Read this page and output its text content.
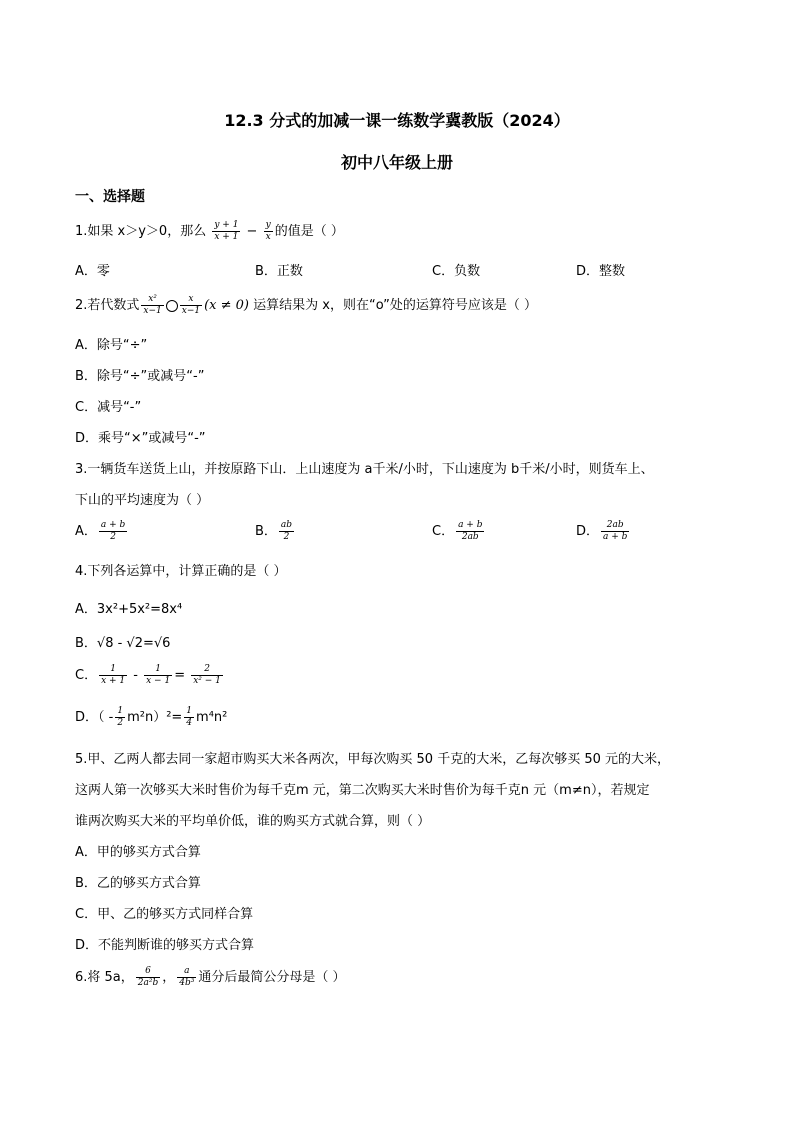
12.3 分式的加减一课一练数学冀教版（2024）
初中八年级上册
一、选择题
1.如果 x＞y＞0，那么 $\frac{y + 1}{x + 1} - \frac{y}{x}$ 的值是（ ）
A．零	B．正数	C．负数	D．整数
2.若代数式 $\frac{\text{x²}}{x-1} \frac{x}{x-1} (x \ne 0)$ 运算结果为 x，则在“o”处的运算符号应该是（ ）
A．除号“÷”
B．除号“÷”或减号“-”
C．减号“-”
D．乘号“×”或减号“-”
3.一辆货车送货上山，并按原路下山．上山速度为 a千米/小时，下山速度为 b千米/小时，则货车上、
下山的平均速度为（ ）
A． $\frac{a + b}{2}$	B． $\frac{ab}{2}$	C． $\frac{a + b}{2ab}$	D． $\frac{2ab}{a + b}$
4.下列各运算中，计算正确的是（ ）
A．3x²+5x²=8x⁴
B．√8 - √2=√6
C． $\frac{1}{x + 1} - \frac{1}{x - 1} = \frac{2}{\text{x² − 1}}$
D．（ - $\frac{1}{2} m^2n)^2= \frac{1}{4} m^4n^2$
5.甲、乙两人都去同一家超市购买大米各两次，甲每次购买 50 千克的大米，乙每次够买 50 元的大米，
这两人第一次够买大米时售价为每千克m 元，第二次购买大米时售价为每千克n 元（m≠n），若规定
谁两次购买大米的平均单价低，谁的购买方式就合算，则（ ）
A．甲的够买方式合算
B．乙的够买方式合算
C．甲、乙的够买方式同样合算
D．不能判断谁的够买方式合算
6.将 5a， $\frac{6}{\text{2a²b}}$ ， $\frac{a}{\text{4b³}}$ 通分后最简公分母是（ ）
